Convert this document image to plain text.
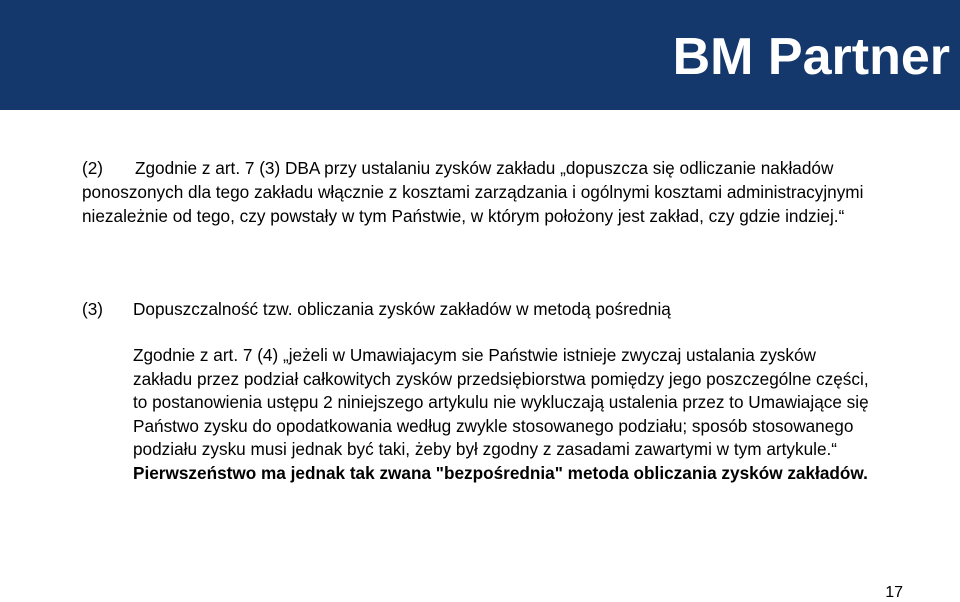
BM Partner
(2)	Zgodnie z art. 7 (3) DBA przy ustalaniu zysków zakładu „dopuszcza się odliczanie nakładów ponoszonych dla tego zakładu włącznie z kosztami zarządzania i ogólnymi kosztami administracyjnymi niezależnie od tego, czy powstały w tym Państwie, w którym położony jest zakład, czy gdzie indziej.“
(3) Dopuszczalność tzw. obliczania zysków zakładów w metodą pośrednią
Zgodnie z art. 7 (4) „jeżeli w Umawiajacym sie Państwie istnieje zwyczaj ustalania zysków zakładu przez podział całkowitych zysków przedsiębiorstwa pomiędzy jego poszczególne części, to postanowienia ustępu 2 niniejszego artykulu nie wykluczają ustalenia przez to Umawiające się Państwo zysku do opodatkowania według zwykle stosowanego podziału; sposób stosowanego podziału zysku musi jednak być taki, żeby był zgodny z zasadami zawartymi w tym artykule.“ Pierwszeństwo ma jednak tak zwana "bezpośrednia" metoda obliczania zysków zakładów.
17
